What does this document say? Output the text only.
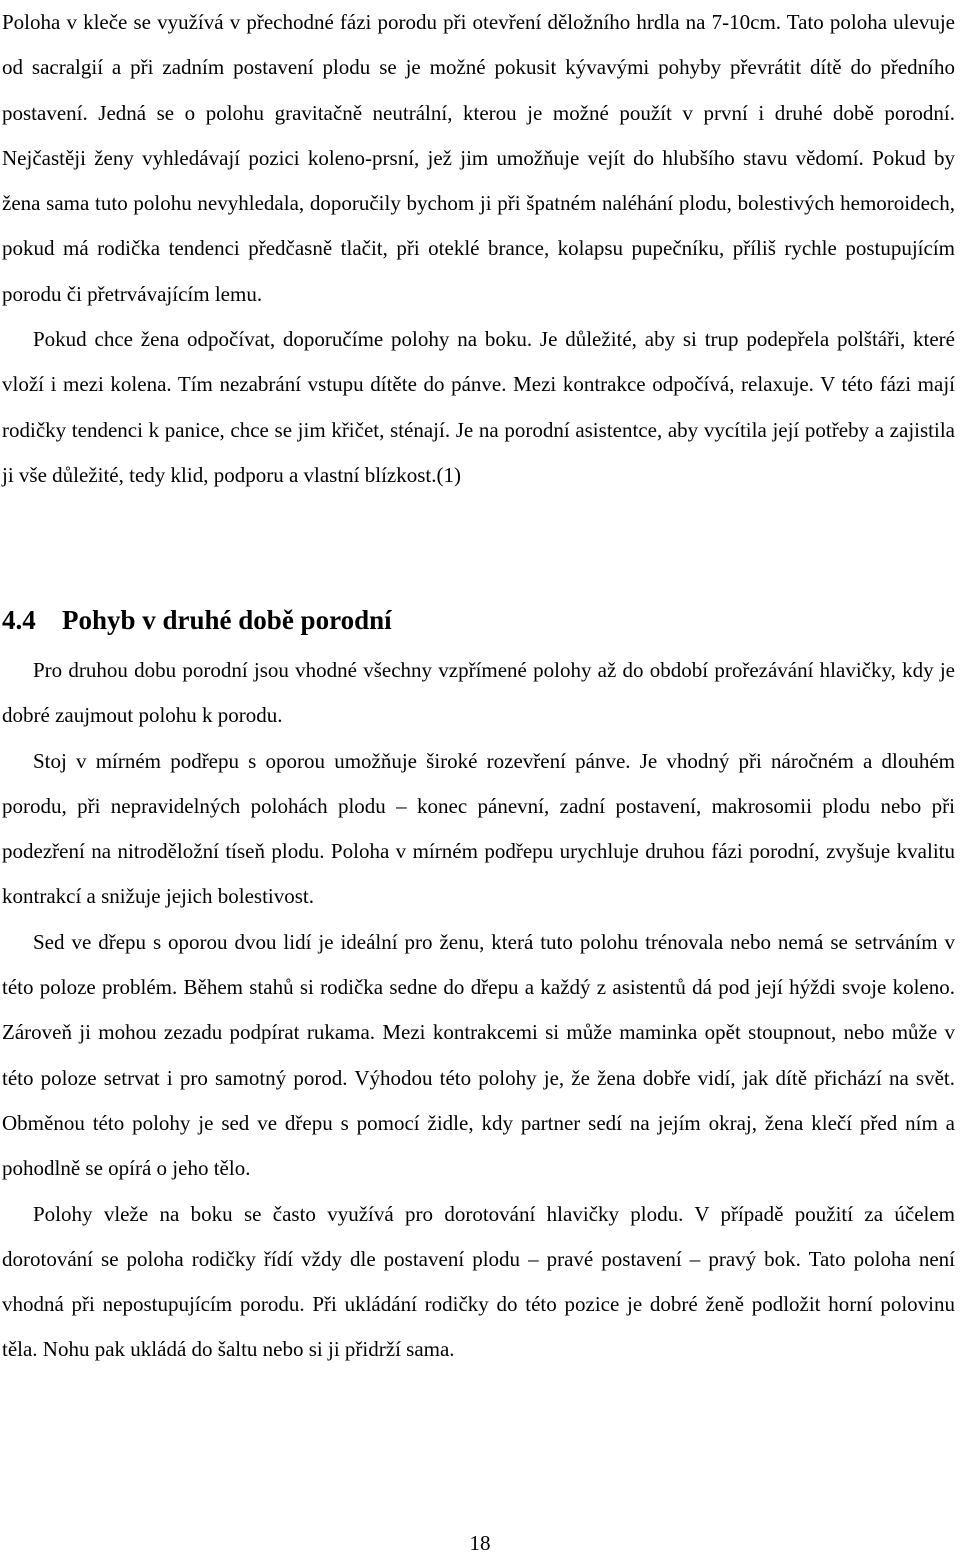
Poloha v kleče se využívá v přechodné fázi porodu při otevření děložního hrdla na 7-10cm. Tato poloha ulevuje od sacralgií a při zadním postavení plodu se je možné pokusit kývavými pohyby převrátit dítě do předního postavení. Jedná se o polohu gravitačně neutrální, kterou je možné použít v první i druhé době porodní. Nejčastěji ženy vyhledávají pozici koleno-prsní, jež jim umožňuje vejít do hlubšího stavu vědomí. Pokud by žena sama tuto polohu nevyhledala, doporučily bychom ji při špatném naléhání plodu, bolestivých hemoroidech, pokud má rodička tendenci předčasně tlačit, při oteklé brance, kolapsu pupečníku, příliš rychle postupujícím porodu či přetrvávajícím lemu.

Pokud chce žena odpočívat, doporučíme polohy na boku. Je důležité, aby si trup podepřela polštáři, které vloží i mezi kolena. Tím nezabrání vstupu dítěte do pánve. Mezi kontrakce odpočívá, relaxuje. V této fázi mají rodičky tendenci k panice, chce se jim křičet, sténají. Je na porodní asistentce, aby vycítila její potřeby a zajistila ji vše důležité, tedy klid, podporu a vlastní blízkost.(1)

4.4 Pohyb v druhé době porodní

Pro druhou dobu porodní jsou vhodné všechny vzpřímené polohy až do období prořezávání hlavičky, kdy je dobré zaujmout polohu k porodu.

Stoj v mírném podřepu s oporou umožňuje široké rozevření pánve. Je vhodný při náročném a dlouhém porodu, při nepravidelných polohách plodu – konec pánevní, zadní postavení, makrosomii plodu nebo při podezření na nitroděložní tíseň plodu. Poloha v mírném podřepu urychluje druhou fázi porodní, zvyšuje kvalitu kontrakcí a snižuje jejich bolestivost.

Sed ve dřepu s oporou dvou lidí je ideální pro ženu, která tuto polohu trénovala nebo nemá se setrváním v této poloze problém. Během stahů si rodička sedne do dřepu a každý z asistentů dá pod její hýždi svoje koleno. Zároveň ji mohou zezadu podpírat rukama. Mezi kontrakcemi si může maminka opět stoupnout, nebo může v této poloze setrvat i pro samotný porod. Výhodou této polohy je, že žena dobře vidí, jak dítě přichází na svět. Obměnou této polohy je sed ve dřepu s pomocí židle, kdy partner sedí na jejím okraj, žena klečí před ním a pohodlně se opírá o jeho tělo.

Polohy vleže na boku se často využívá pro dorotování hlavičky plodu. V případě použití za účelem dorotování se poloha rodičky řídí vždy dle postavení plodu – pravé postavení – pravý bok. Tato poloha není vhodná při nepostupujícím porodu. Při ukládání rodičky do této pozice je dobré ženě podložit horní polovinu těla. Nohu pak ukládá do šaltu nebo si ji přidrží sama.

18
